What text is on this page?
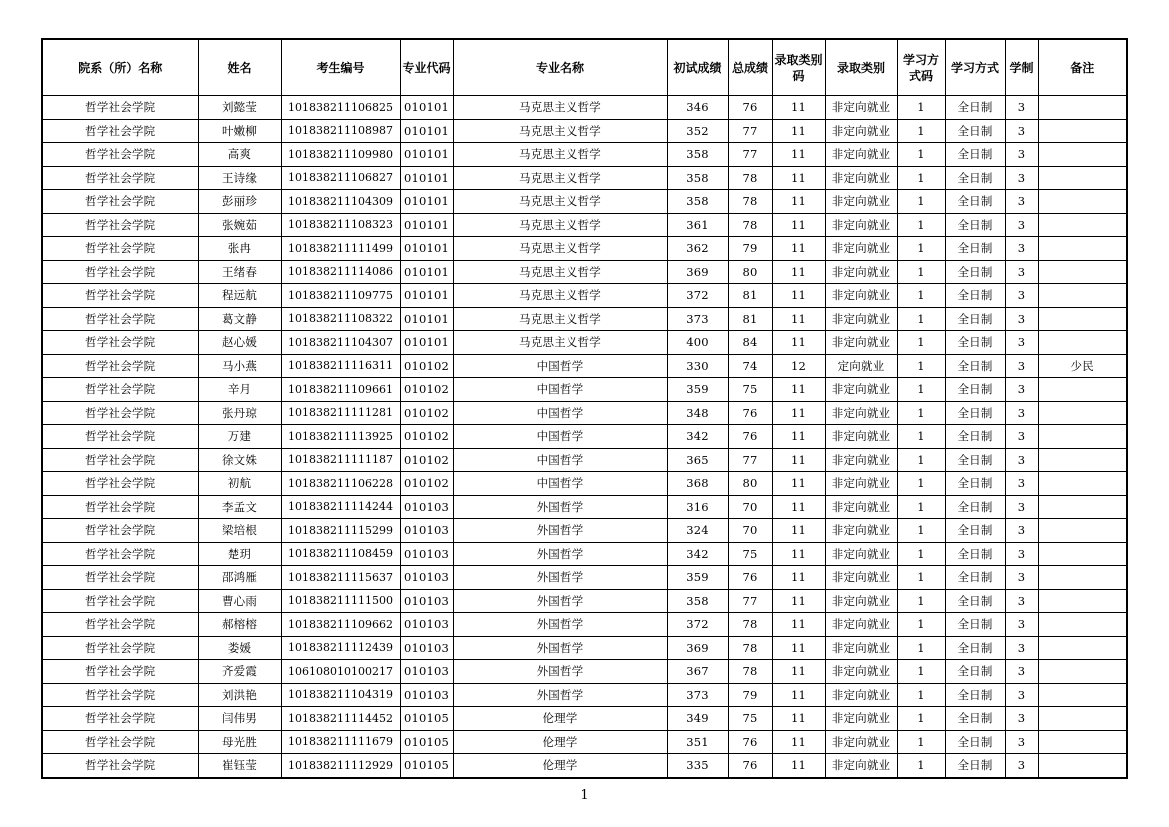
院系（所）名称	姓名	考生编号	专业代码	专业名称	初试成绩	总成绩	录取类别码	录取类别	学习方式码	学习方式	学制	备注
哲学社会学院	刘懿莹	101838211106825	010101	马克思主义哲学	346	76	11	非定向就业	1	全日制	3	
哲学社会学院	叶嫩柳	101838211108987	010101	马克思主义哲学	352	77	11	非定向就业	1	全日制	3	
哲学社会学院	高爽	101838211109980	010101	马克思主义哲学	358	77	11	非定向就业	1	全日制	3	
哲学社会学院	王诗缘	101838211106827	010101	马克思主义哲学	358	78	11	非定向就业	1	全日制	3	
哲学社会学院	彭丽珍	101838211104309	010101	马克思主义哲学	358	78	11	非定向就业	1	全日制	3	
哲学社会学院	张婉茹	101838211108323	010101	马克思主义哲学	361	78	11	非定向就业	1	全日制	3	
哲学社会学院	张冉	101838211111499	010101	马克思主义哲学	362	79	11	非定向就业	1	全日制	3	
哲学社会学院	王绪春	101838211114086	010101	马克思主义哲学	369	80	11	非定向就业	1	全日制	3	
哲学社会学院	程远航	101838211109775	010101	马克思主义哲学	372	81	11	非定向就业	1	全日制	3	
哲学社会学院	葛文静	101838211108322	010101	马克思主义哲学	373	81	11	非定向就业	1	全日制	3	
哲学社会学院	赵心媛	101838211104307	010101	马克思主义哲学	400	84	11	非定向就业	1	全日制	3	
哲学社会学院	马小燕	101838211116311	010102	中国哲学	330	74	12	定向就业	1	全日制	3	少民
哲学社会学院	辛月	101838211109661	010102	中国哲学	359	75	11	非定向就业	1	全日制	3	
哲学社会学院	张丹琼	101838211111281	010102	中国哲学	348	76	11	非定向就业	1	全日制	3	
哲学社会学院	万建	101838211113925	010102	中国哲学	342	76	11	非定向就业	1	全日制	3	
哲学社会学院	徐文姝	101838211111187	010102	中国哲学	365	77	11	非定向就业	1	全日制	3	
哲学社会学院	初航	101838211106228	010102	中国哲学	368	80	11	非定向就业	1	全日制	3	
哲学社会学院	李孟文	101838211114244	010103	外国哲学	316	70	11	非定向就业	1	全日制	3	
哲学社会学院	梁培根	101838211115299	010103	外国哲学	324	70	11	非定向就业	1	全日制	3	
哲学社会学院	楚玥	101838211108459	010103	外国哲学	342	75	11	非定向就业	1	全日制	3	
哲学社会学院	邵鸿雁	101838211115637	010103	外国哲学	359	76	11	非定向就业	1	全日制	3	
哲学社会学院	曹心雨	101838211111500	010103	外国哲学	358	77	11	非定向就业	1	全日制	3	
哲学社会学院	郝榕榕	101838211109662	010103	外国哲学	372	78	11	非定向就业	1	全日制	3	
哲学社会学院	娄媛	101838211112439	010103	外国哲学	369	78	11	非定向就业	1	全日制	3	
哲学社会学院	齐爱霞	106108010100217	010103	外国哲学	367	78	11	非定向就业	1	全日制	3	
哲学社会学院	刘洪艳	101838211104319	010103	外国哲学	373	79	11	非定向就业	1	全日制	3	
哲学社会学院	闫伟男	101838211114452	010105	伦理学	349	75	11	非定向就业	1	全日制	3	
哲学社会学院	母光胜	101838211111679	010105	伦理学	351	76	11	非定向就业	1	全日制	3	
哲学社会学院	崔钰莹	101838211112929	010105	伦理学	335	76	11	非定向就业	1	全日制	3	
1
